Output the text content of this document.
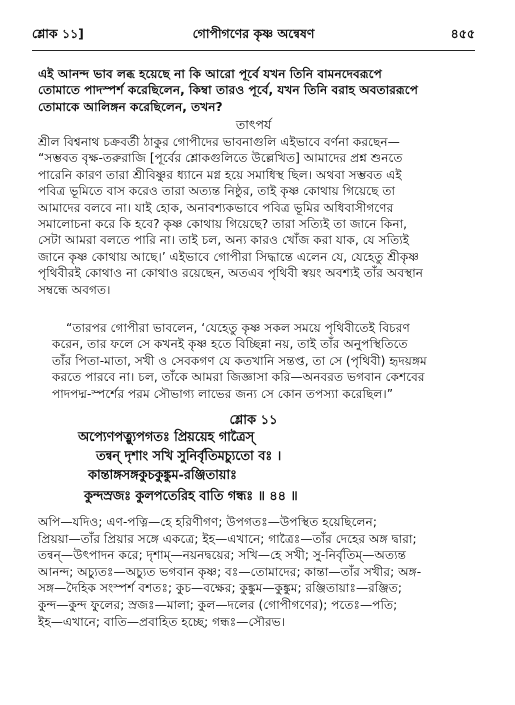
শ্লোক ১১]	গোপীগণের কৃষ্ণ অন্বেষণ	৪৫৫
এই আনন্দ ভাব লব্ধ হয়েছে না কি আরো পূর্বে যখন তিনি বামনদেবরূপে
তোমাতে পাদস্পর্শ করেছিলেন, কিম্বা তারও পূর্বে, যখন তিনি বরাহ অবতাররূপে
তোমাকে আলিঙ্গন করেছিলেন, তখন?
তাৎপর্য
শ্রীল বিশ্বনাথ চক্রবর্তী ঠাকুর গোপীদের ভাবনাগুলি এইভাবে বর্ণনা করছেন—
“সম্ভবত বৃক্ষ-তরুরাজি [পূর্বের শ্লোকগুলিতে উল্লেখিত] আমাদের প্রশ্ন শুনতে
পারেনি কারণ তারা শ্রীবিষ্ণুর ধ্যানে মগ্ন হয়ে সমাধিস্থ ছিল। অথবা সম্ভবত এই
পবিত্র ভূমিতে বাস করেও তারা অত্যন্ত নিষ্ঠুর, তাই কৃষ্ণ কোথায় গিয়েছে তা
আমাদের বলবে না। যাই হোক, অনাবশ্যকভাবে পবিত্র ভূমির অধিবাসীগণের
সমালোচনা করে কি হবে? কৃষ্ণ কোথায় গিয়েছে? তারা সত্যিই তা জানে কিনা,
সেটা আমরা বলতে পারি না। তাই চল, অন্য কারও খোঁজ করা যাক, যে সত্যিই
জানে কৃষ্ণ কোথায় আছে।’ এইভাবে গোপীরা সিদ্ধান্তে এলেন যে, যেহেতু শ্রীকৃষ্ণ
পৃথিবীরই কোথাও না কোথাও রয়েছেন, অতএব পৃথিবী স্বয়ং অবশ্যই তাঁর অবস্থান
সম্বন্ধে অবগত।
“তারপর গোপীরা ভাবলেন, ‘যেহেতু কৃষ্ণ সকল সময়ে পৃথিবীতেই বিচরণ
করেন, তার ফলে সে কখনই কৃষ্ণ হতে বিচ্ছিন্না নয়, তাই তাঁর অনুপস্থিতিতে
তাঁর পিতা-মাতা, সখী ও সেবকগণ যে কতখানি সন্তপ্ত, তা সে (পৃথিবী) হৃদয়ঙ্গম
করতে পারবে না। চল, তাঁকে আমরা জিজ্ঞাসা করি—অনবরত ভগবান কেশবের
পাদপদ্ম-স্পর্শের পরম সৌভাগ্য লাভের জন্য সে কোন তপস্যা করেছিল।”
শ্লোক ১১
অপ্যেণপত্ন্যুপগতঃ প্রিয়য়েহ গাত্রৈস্
তন্বন্ দৃশাং সখি সুনির্বৃতিমচ্যুতো বঃ ।
কান্তাঙ্গসঙ্গকুচকুঙ্কুম-রঞ্জিতায়াঃ
কুন্দস্রজঃ কুলপতেরিহ বাতি গন্ধঃ ॥ ৪৪ ॥
অপি—যদিও; এণ-পত্নি—হে হরিণীগণ; উপগতঃ—উপস্থিত হয়েছিলেন;
প্রিয়য়া—তাঁর প্রিয়ার সঙ্গে একত্রে; ইহ—এখানে; গাত্রৈঃ—তাঁর দেহের অঙ্গ দ্বারা;
তন্বন্—উৎপাদন করে; দৃশাম্—নয়নদ্বয়ের; সখি—হে সখী; সু-নির্বৃতিম্—অত্যন্ত
আনন্দ; অচ্যুতঃ—অচ্যুত ভগবান কৃষ্ণ; বঃ—তোমাদের; কান্তা—তাঁর সখীর; অঙ্গ-
সঙ্গ—দৈহিক সংস্পর্শ বশতঃ; কুচ—বক্ষের; কুঙ্কুম—কুঙ্কুম; রঞ্জিতায়াঃ—রঞ্জিত;
কুন্দ—কুন্দ ফুলের; স্রজঃ—মালা; কুল—দলের (গোপীগণের); পতেঃ—পতি;
ইহ—এখানে; বাতি—প্রবাহিত হচ্ছে; গন্ধঃ—সৌরভ।
